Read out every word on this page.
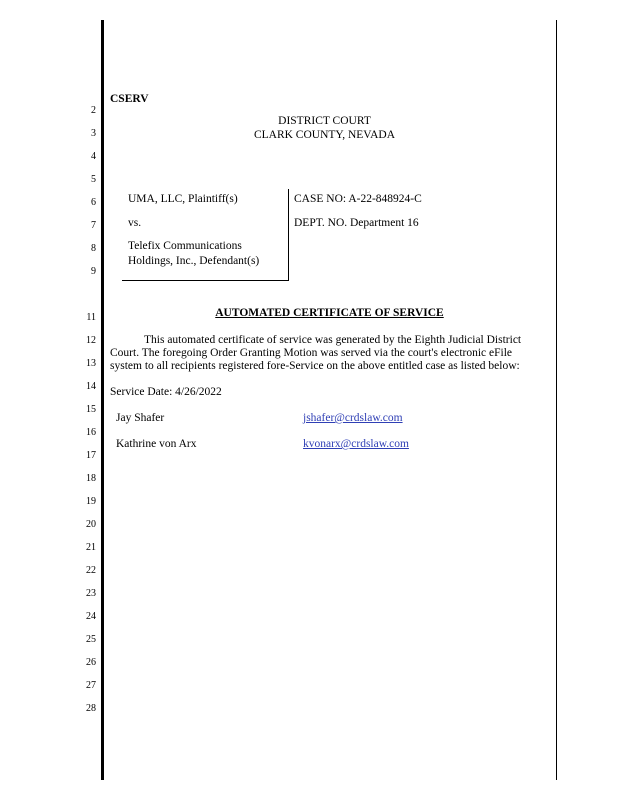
2
3
4
5
6
7
8
9
11
12
13
14
15
16
17
18
19
20
21
22
23
24
25
26
27
28
CSERV
DISTRICT COURT
CLARK COUNTY, NEVADA
UMA, LLC, Plaintiff(s)
vs.
Telefix Communications
Holdings, Inc., Defendant(s)
CASE NO: A-22-848924-C
DEPT. NO. Department 16
AUTOMATED CERTIFICATE OF SERVICE
This automated certificate of service was generated by the Eighth Judicial District
Court. The foregoing Order Granting Motion was served via the court's electronic eFile
system to all recipients registered fore-Service on the above entitled case as listed below:
Service Date: 4/26/2022
Jay Shafer	jshafer@crdslaw.com
Kathrine von Arx	kvonarx@crdslaw.com
